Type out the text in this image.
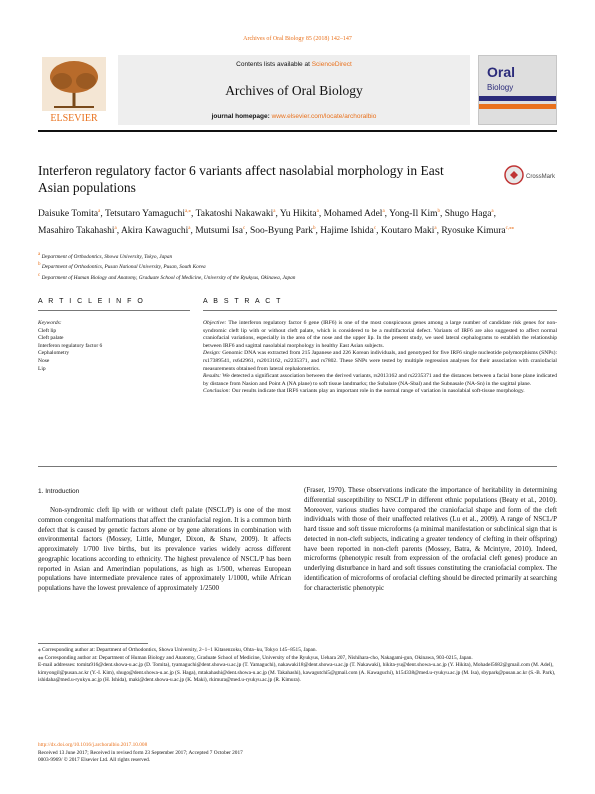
Archives of Oral Biology 85 (2018) 142–147
ELSEVIER
Contents lists available at ScienceDirect
Archives of Oral Biology
journal homepage: www.elsevier.com/locate/archoralbio
Oral
Biology
Interferon regulatory factor 6 variants affect nasolabial morphology in East Asian populations
CrossMark
Daisuke Tomita$^a$, Tetsutaro Yamaguchi$^{a,⁎}$, Takatoshi Nakawaki$^a$, Yu Hikita$^a$, Mohamed Adel$^a$, Yong-Il Kim$^b$, Shugo Haga$^a$, Masahiro Takahashi$^a$, Akira Kawaguchi$^a$, Mutsumi Isa$^c$, Soo-Byung Park$^b$, Hajime Ishida$^c$, Koutaro Maki$^a$, Ryosuke Kimura$^{c,⁎⁎}$
$^a$ Department of Orthodontics, Showa University, Tokyo, Japan
$^b$ Department of Orthodontics, Pusan National University, Pusan, South Korea
$^c$ Department of Human Biology and Anatomy, Graduate School of Medicine, University of the Ryukyus, Okinawa, Japan
A R T I C L E I N F O	A B S T R A C T
Keywords:
Cleft lip
Cleft palate
Interferon regulatory factor 6
Cephalometry
Nose
Lip

Objective: The interferon regulatory factor 6 gene (IRF6) is one of the most conspicuous genes among a large number of candidate risk genes for non-syndromic cleft lip with or without cleft palate, which is considered to be a multifactorial defect. Variants of IRF6 are also suggested to affect normal craniofacial variations, especially in the area of the nose and the upper lip. In the present study, we used lateral cephalograms to establish the relationship between IRF6 and sagittal nasolabial morphology in healthy East Asian subjects.

Design: Genomic DNA was extracted from 215 Japanese and 226 Korean individuals, and genotyped for five IRF6 single nucleotide polymorphisms (SNPs): rs17389541, rs642961, rs2013162, rs2235371, and rs7802. These SNPs were tested by multiple regression analyses for their association with craniofacial measurements obtained from lateral cephalometrics.

Results: We detected a significant association between the derived variants, rs2013162 and rs2235371 and the distances between a facial bone plane indicated by distance from Nasion and Point A (NA plane) to soft tissue landmarks; the Subalare (NA-Sbal) and the Subnasale (NA-Sn) in the sagittal plane.

Conclusion: Our results indicate that IRF6 variants play an important role in the normal range of variation in nasolabial soft-tissue morphology.

1. Introduction

Non-syndromic cleft lip with or without cleft palate (NSCL/P) is one of the most common congenital malformations that affect the craniofacial region. It is a common birth defect that is caused by genetic factors alone or by gene alterations in combination with environmental factors (Mossey, Little, Munger, Dixon, & Shaw, 2009). It affects approximately 1/700 live births, but its prevalence varies widely across different geographic locations according to ethnicity. The highest prevalence of NSCL/P has been reported in Asian and Amerindian populations, as high as 1/500, whereas European populations have intermediate prevalence rates of approximately 1/1000, while African populations have the lowest prevalence of approximately 1/2500

(Fraser, 1970). These observations indicate the importance of heritability in determining differential susceptibility to NSCL/P in different ethnic populations (Beaty et al., 2010). Moreover, various studies have compared the craniofacial shape and form of the cleft individuals with those of their unaffected relatives (Lu et al., 2009). A range of NSCL/P hard tissue and soft tissue microforms (a minimal manifestation or subclinical sign that is detected in non-cleft subjects, indicating a greater tendency of clefting in their offspring) have been reported in non-cleft parents (Mossey, Batra, & Mcintyre, 2010). Indeed, microforms (phenotypic result from expression of the orofacial cleft genes) produce an underlying disturbance in hard and soft tissues constituting the craniofacial complex. The identification of microforms of orofacial clefting should be directed primarily at searching for characteristic phenotypic
⁎ Corresponding author at: Department of Orthodontics, Showa University, 2−1−1 Kitasenzoku, Ohta−ku, Tokyo 145−8515, Japan.
⁎⁎ Corresponding author at: Department of Human Biology and Anatomy, Graduate School of Medicine, University of the Ryukyus, Uehara 207, Nishihara-cho, Nakagami-gun, Okinawa, 903-0215, Japan.
E-mail addresses: tomita916@dent.showa-u.ac.jp (D. Tomita), tyamaguchi@dent.showa-u.ac.jp (T. Yamaguchi), nakawaki18@dent.showa-u.ac.jp (T. Nakawaki), hikita-yu@dent.showa-u.ac.jp (Y. Hikita), Mohadel5682@gmail.com (M. Adel), kimyongil@pusan.ac.kr (Y.-I. Kim), shugo@dent.showa-u.ac.jp (S. Haga), mtakahashi@dent.showa-u.ac.jp (M. Takahashi), kawagutchi5@gmail.com (A. Kawaguchi), h154338@med.u-ryukyu.ac.jp (M. Isa), sbypark@pusan.ac.kr (S.-B. Park), ishidaha@med.u-ryukyu.ac.jp (H. Ishida), maki@dent.showa-u.ac.jp (K. Maki), rkimura@med.u-ryukyu.ac.jp (R. Kimura).
http://dx.doi.org/10.1016/j.archoralbio.2017.10.008
Received 13 June 2017; Received in revised form 23 September 2017; Accepted 7 October 2017
0003-9969/ © 2017 Elsevier Ltd. All rights reserved.
